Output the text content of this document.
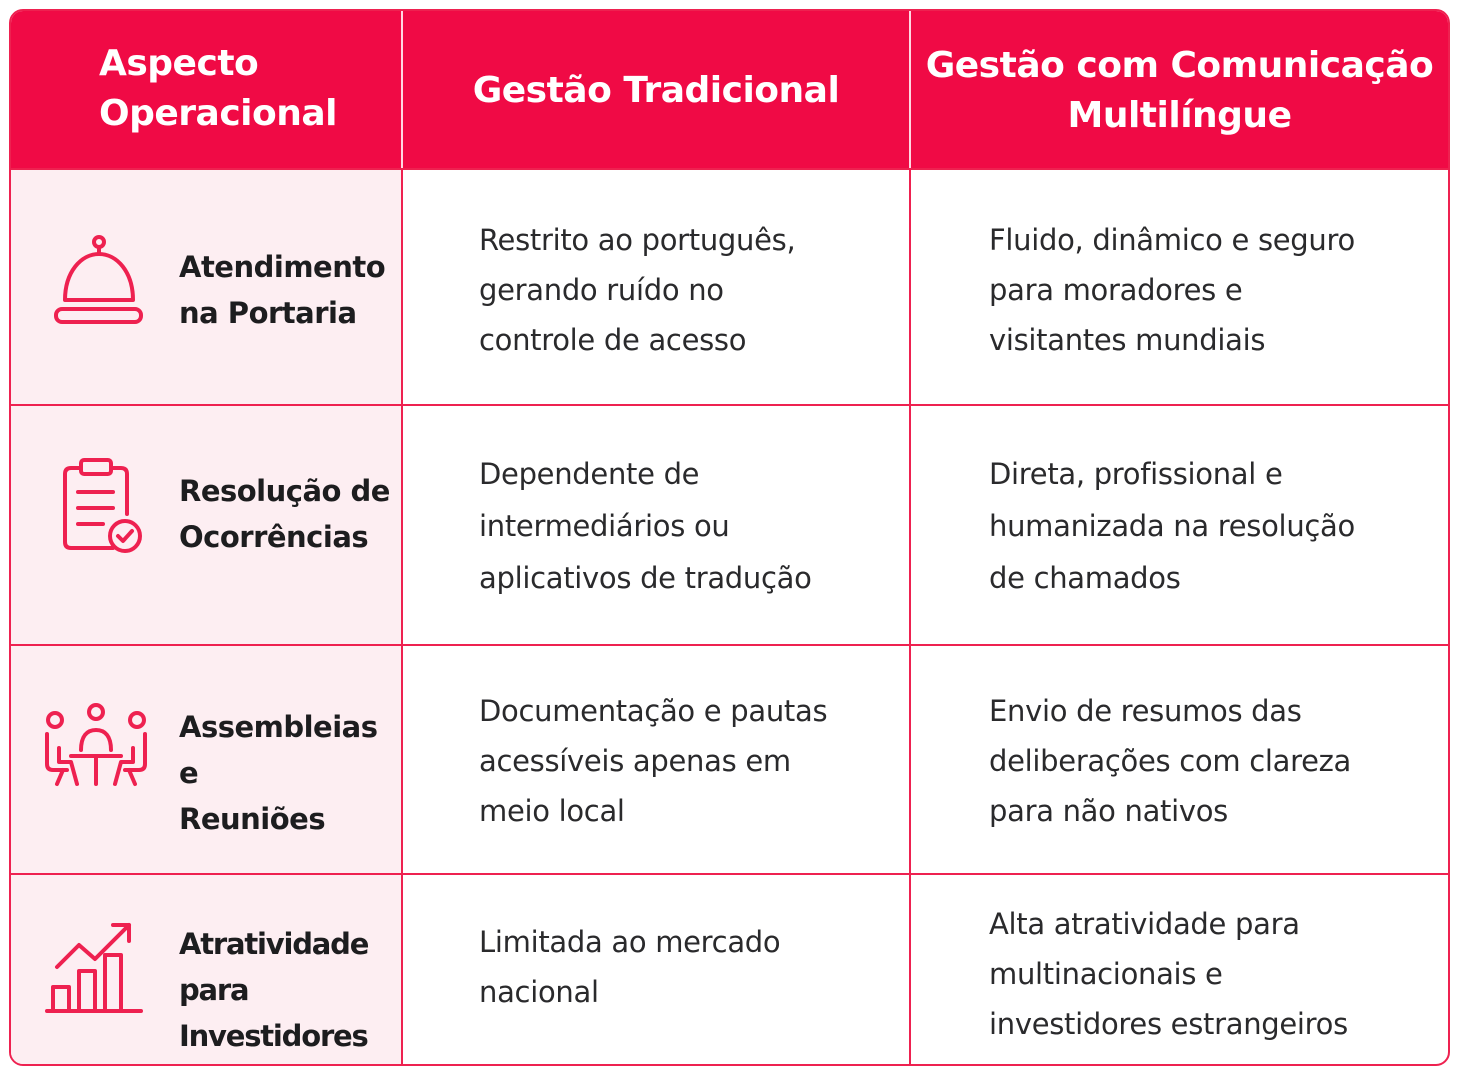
Aspecto
Operacional
Gestão Tradicional
Gestão com Comunicação
Multilíngue
Atendimento
na Portaria
Restrito ao português,
gerando ruído no
controle de acesso
Fluido, dinâmico e seguro
para moradores e
visitantes mundiais
Resolução de
Ocorrências
Dependente de
intermediários ou
aplicativos de tradução
Direta, profissional e
humanizada na resolução
de chamados
Assembleias e
Reuniões
Documentação e pautas
acessíveis apenas em
meio local
Envio de resumos das
deliberações com clareza
para não nativos
Atratividade para
Investidores
Limitada ao mercado
nacional
Alta atratividade para
multinacionais e
investidores estrangeiros
